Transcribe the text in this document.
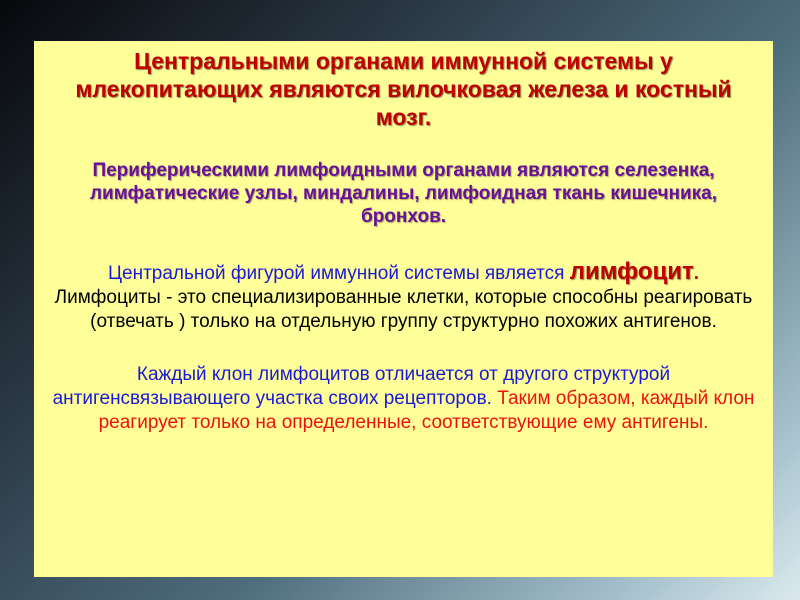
Центральными органами иммунной системы у млекопитающих являются вилочковая железа и костный мозг.

Периферическими лимфоидными органами являются селезенка, лимфатические узлы, миндалины, лимфоидная ткань кишечника, бронхов.

Центральной фигурой иммунной системы является лимфоцит.
Лимфоциты - это специализированные клетки, которые способны реагировать (отвечать ) только на отдельную группу структурно похожих антигенов.

Каждый клон лимфоцитов отличается от другого структурой антигенсвязывающего участка своих рецепторов. Таким образом, каждый клон реагирует только на определенные, соответствующие ему антигены.
